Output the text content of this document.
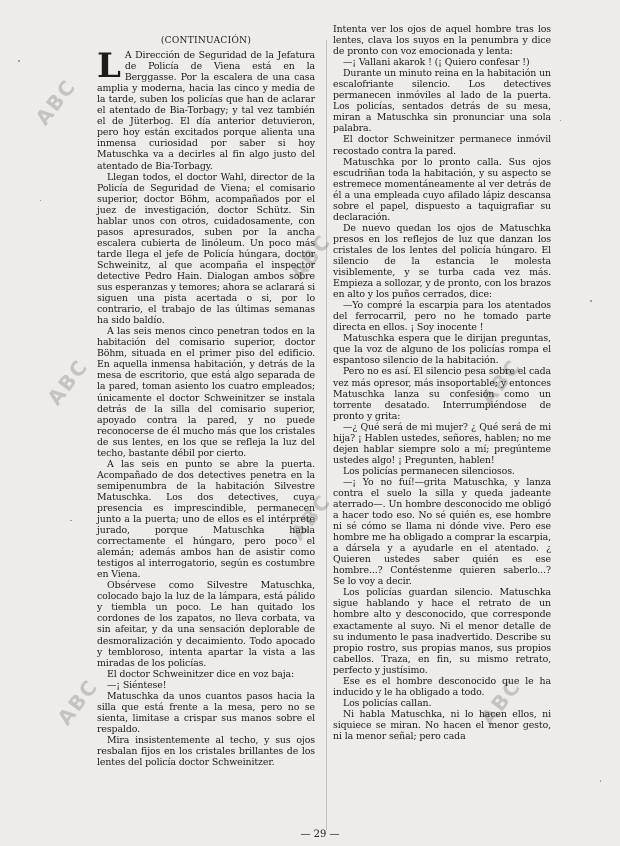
ABC
ABC
ABC
ABC
ABC
ABC
ABC
(CONTINUACIÓN)

L A Dirección de Seguridad de la Jefatura de Policía de Viena está en la Berggasse. Por la escalera de una casa amplia y moderna, hacia las cinco y media de la tarde, suben los policías que han de aclarar el atentado de Bia-Torbagy; y tal vez también el de Jüterbog. El día anterior detuvieron, pero hoy están excitados porque alienta una inmensa curiosidad por saber si hoy Matuschka va a decirles al fin algo justo del atentado de Bia-Torbagy.

Llegan todos, el doctor Wahl, director de la Policía de Seguridad de Viena; el comisario superior, doctor Böhm, acompañados por el juez de investigación, doctor Schütz. Sin hablar unos con otros, cuidadosamente, con pasos apresurados, suben por la ancha escalera cubierta de linóleum. Un poco más tarde llega el jefe de Policía húngara, doctor Schweinitz, al que acompaña el inspector detective Pedro Hain. Dialogan ambos sobre sus esperanzas y temores; ahora se aclarará si siguen una pista acertada o si, por lo contrario, el trabajo de las últimas semanas ha sido baldío.

A las seis menos cinco penetran todos en la habitación del comisario superior, doctor Böhm, situada en el primer piso del edificio. En aquella inmensa habitación, y detrás de la mesa de escritorio, que está algo separada de la pared, toman asiento los cuatro empleados; únicamente el doctor Schweinitzer se instala detrás de la silla del comisario superior, apoyado contra la pared, y no puede reconocerse de él mucho más que los cristales de sus lentes, en los que se refleja la luz del techo, bastante débil por cierto.

A las seis en punto se abre la puerta. Acompañado de dos detectives penetra en la semipenumbra de la habitación Silvestre Matuschka. Los dos detectives, cuya presencia es imprescindible, permanecen junto a la puerta; uno de ellos es el intérprete jurado, porque Matuschka habla correctamente el húngaro, pero poco el alemán; además ambos han de asistir como testigos al interrogatorio, según es costumbre en Viena.

Obsérvese como Silvestre Matuschka, colocado bajo la luz de la lámpara, está pálido y tiembla un poco. Le han quitado los cordones de los zapatos, no lleva corbata, va sin afeitar, y da una sensación deplorable de desmoralización y decaimiento. Todo apocado y tembloroso, intenta apartar la vista a las miradas de los policías.

El doctor Schweinitzer dice en voz baja:

—¡ Siéntese!

Matuschka da unos cuantos pasos hacia la silla que está frente a la mesa, pero no se sienta, limitase a crispar sus manos sobre el respaldo.

Mira insistentemente al techo, y sus ojos resbalan fijos en los cristales brillantes de los lentes del policía doctor Schweinitzer.

Intenta ver los ojos de aquel hombre tras los lentes, clava los suyos en la penumbra y dice de pronto con voz emocionada y lenta:

—¡ Vallani akarok ! (¡ Quiero confesar !)

Durante un minuto reina en la habitación un escalofriante silencio. Los detectives permanecen inmóviles al lado de la puerta. Los policías, sentados detrás de su mesa, miran a Matuschka sin pronunciar una sola palabra.

El doctor Schweinitzer permanece inmóvil recostado contra la pared.

Matuschka por lo pronto calla. Sus ojos escudriñan toda la habitación, y su aspecto se estremece momentáneamente al ver detrás de él a una empleada cuyo afilado lápiz descansa sobre el papel, dispuesto a taquigrafiar su declaración.

De nuevo quedan los ojos de Matuschka presos en los reflejos de luz que danzan los cristales de los lentes del policía húngaro. El silencio de la estancia le molesta visiblemente, y se turba cada vez más. Empieza a sollozar, y de pronto, con los brazos en alto y los puños cerrados, dice:

—Yo compré la escarpia para los atentados del ferrocarril, pero no he tomado parte directa en ellos. ¡ Soy inocente !

Matuschka espera que le dirijan preguntas, que la voz de alguno de los policías rompa el espantoso silencio de la habitación.

Pero no es así. El silencio pesa sobre el cada vez más opresor, más insoportable; y entonces Matuschka lanza su confesión como un torrente desatado. Interrumpiéndose de pronto y grita:

—¿ Qué será de mi mujer? ¿ Qué será de mi hija? ¡ Hablen ustedes, señores, hablen; no me dejen hablar siempre solo a mí; pregúnteme ustedes algo! ¡ Pregunten, hablen!

Los policías permanecen silenciosos.

—¡ Yo no fuí!—grita Matuschka, y lanza contra el suelo la silla y queda jadeante aterrado—. Un hombre desconocido me obligó a hacer todo eso. No sé quién es, ese hombre ni sé cómo se llama ni dónde vive. Pero ese hombre me ha obligado a comprar la escarpia, a dársela y a ayudarle en el atentado. ¿ Quieren ustedes saber quién es ese hombre...? Contéstenme quieren saberlo...? Se lo voy a decir.

Los policías guardan silencio. Matuschka sigue hablando y hace el retrato de un hombre alto y desconocido, que corresponde exactamente al suyo. Ni el menor detalle de su indumento le pasa inadvertido. Describe su propio rostro, sus propias manos, sus propios cabellos. Traza, en fin, su mismo retrato, perfecto y justísimo.

Ese es el hombre desconocido que le ha inducido y le ha obligado a todo.

Los policías callan.

Ni habla Matuschka, ni lo hacen ellos, ni siquiece se miran. No hacen el menor gesto, ni la menor señal; pero cada

— 29 —
